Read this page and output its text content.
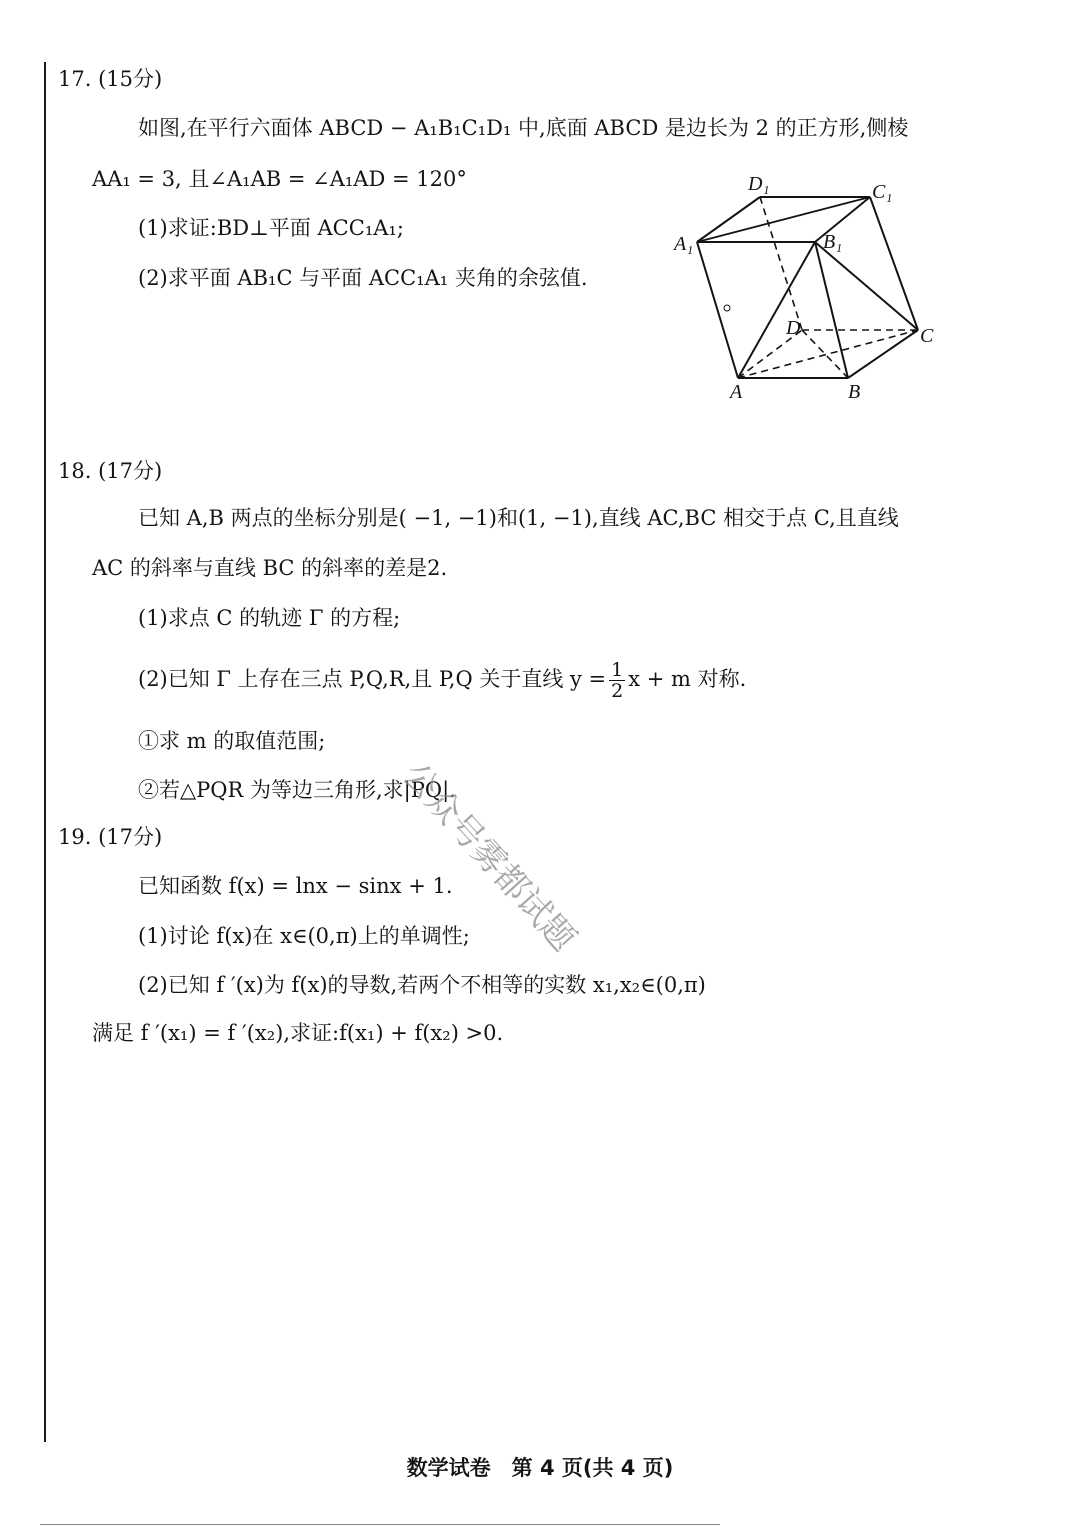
17. (15分)
如图,在平行六面体 ABCD − A₁B₁C₁D₁ 中,底面 ABCD 是边长为 2 的正方形,侧棱
AA₁ = 3, 且∠A₁AB = ∠A₁AD = 120°
(1)求证:BD⊥平面 ACC₁A₁;
(2)求平面 AB₁C 与平面 ACC₁A₁ 夹角的余弦值.
D₁	C₁
A₁	B₁
D	C
A	B
18. (17分)
已知 A,B 两点的坐标分别是( −1, −1)和(1, −1),直线 AC,BC 相交于点 C,且直线
AC 的斜率与直线 BC 的斜率的差是2.
(1)求点 C 的轨迹 Γ 的方程;
(2)已知 Γ 上存在三点 P,Q,R,且 P,Q 关于直线 $y = \frac{1}{2}$ x + m 对称.
①求 m 的取值范围;
②若△PQR 为等边三角形,求|PQ|.
19. (17分)
已知函数 f(x) = lnx − sinx + 1.
(1)讨论 f(x)在 x∈(0,π)上的单调性;
(2)已知 f ′(x)为 f(x)的导数,若两个不相等的实数 x₁,x₂∈(0,π)
满足 f ′(x₁) = f ′(x₂),求证:f(x₁) + f(x₂) >0.
公众号雾都试题
数学试卷　第 4 页(共 4 页)
